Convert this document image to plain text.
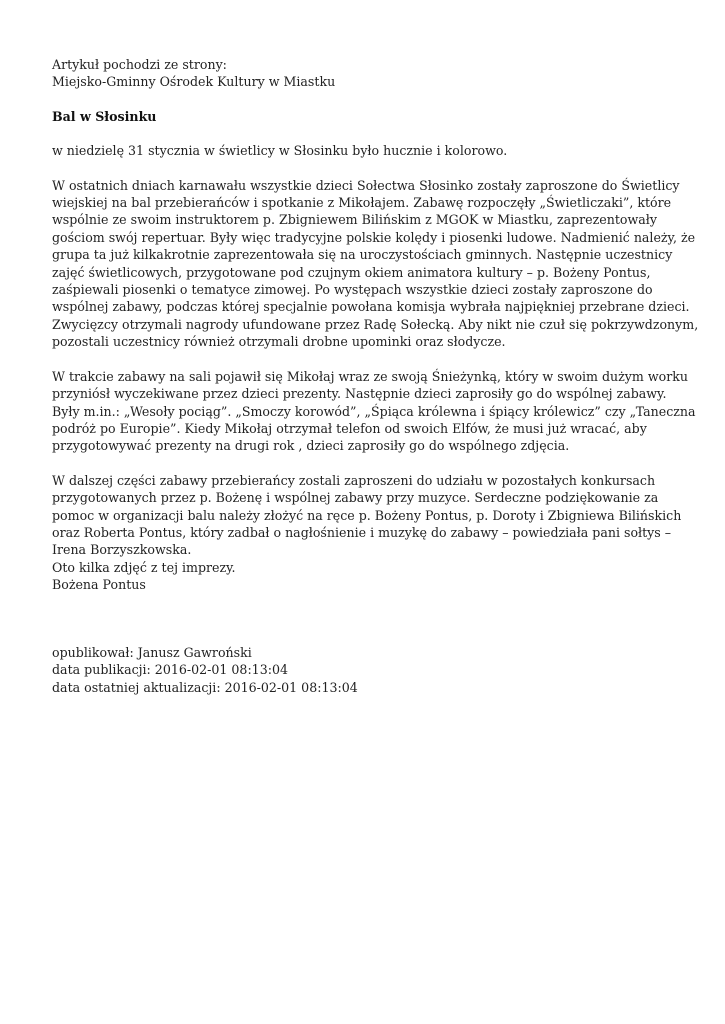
Artykuł pochodzi ze strony:
Miejsko-Gminny Ośrodek Kultury w Miastku
Bal w Słosinku

w niedzielę 31 stycznia w świetlicy w Słosinku było hucznie i kolorowo.

W ostatnich dniach karnawału wszystkie dzieci Sołectwa Słosinko zostały zaproszone do Świetlicy
wiejskiej na bal przebierańców i spotkanie z Mikołajem. Zabawę rozpoczęły „Świetliczaki”, które
wspólnie ze swoim instruktorem p. Zbigniewem Bilińskim z MGOK w Miastku, zaprezentowały
gościom swój repertuar. Były więc tradycyjne polskie kolędy i piosenki ludowe. Nadmienić należy, że
grupa ta już kilkakrotnie zaprezentowała się na uroczystościach gminnych. Następnie uczestnicy
zajęć świetlicowych, przygotowane pod czujnym okiem animatora kultury – p. Bożeny Pontus,
zaśpiewali piosenki o tematyce zimowej. Po występach wszystkie dzieci zostały zaproszone do
wspólnej zabawy, podczas której specjalnie powołana komisja wybrała najpiękniej przebrane dzieci.
Zwycięzcy otrzymali nagrody ufundowane przez Radę Sołecką. Aby nikt nie czuł się pokrzywdzonym,
pozostali uczestnicy również otrzymali drobne upominki oraz słodycze.

W trakcie zabawy na sali pojawił się Mikołaj wraz ze swoją Śnieżynką, który w swoim dużym worku
przyniósł wyczekiwane przez dzieci prezenty. Następnie dzieci zaprosiły go do wspólnej zabawy.
Były m.in.: „Wesoły pociąg”. „Smoczy korowód”, „Śpiąca królewna i śpiący królewicz” czy „Taneczna
podróż po Europie”. Kiedy Mikołaj otrzymał telefon od swoich Elfów, że musi już wracać, aby
przygotowywać prezenty na drugi rok , dzieci zaprosiły go do wspólnego zdjęcia.

W dalszej części zabawy przebierańcy zostali zaproszeni do udziału w pozostałych konkursach
przygotowanych przez p. Bożenę i wspólnej zabawy przy muzyce. Serdeczne podziękowanie za
pomoc w organizacji balu należy złożyć na ręce p. Bożeny Pontus, p. Doroty i Zbigniewa Bilińskich
oraz Roberta Pontus, który zadbał o nagłośnienie i muzykę do zabawy – powiedziała pani sołtys –
Irena Borzyszkowska.
Oto kilka zdjęć z tej imprezy.
Bożena Pontus

opublikował: Janusz Gawroński
data publikacji: 2016-02-01 08:13:04
data ostatniej aktualizacji: 2016-02-01 08:13:04
